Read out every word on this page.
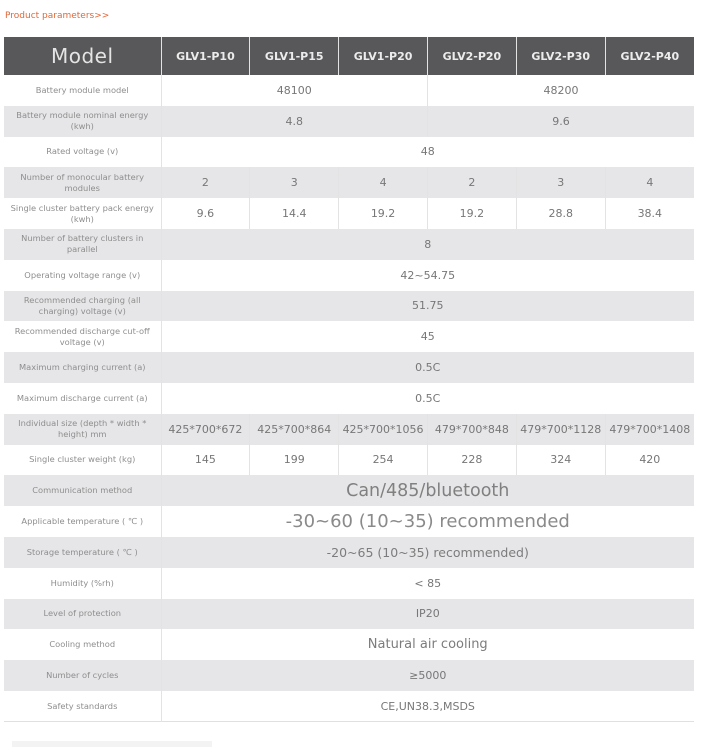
Product parameters>>
Model	GLV1-P10	GLV1-P15	GLV1-P20	GLV2-P20	GLV2-P30	GLV2-P40
Battery module model	48100			48200		
Battery module nominal energy (kwh)	4.8			9.6		
Rated voltage (v)	48					
Number of monocular battery modules	2	3	4	2	3	4
Single cluster battery pack energy (kwh)	9.6	14.4	19.2	19.2	28.8	38.4
Number of battery clusters in parallel	8					
Operating voltage range (v)	42~54.75					
Recommended charging (all charging) voltage (v)	51.75					
Recommended discharge cut-off voltage (v)	45					
Maximum charging current (a)	0.5C					
Maximum discharge current (a)	0.5C					
Individual size (depth * width * height) mm	425*700*672	425*700*864	425*700*1056	479*700*848	479*700*1128	479*700*1408
Single cluster weight (kg)	145	199	254	228	324	420
Communication method	Can/485/bluetooth					
Applicable temperature ( ℃ )	-30~60 (10~35) recommended					
Storage temperature ( ℃ )	-20~65 (10~35) recommended)					
Humidity (%rh)	< 85					
Level of protection	IP20					
Cooling method	Natural air cooling					
Number of cycles	≥5000					
Safety standards	CE,UN38.3,MSDS					
